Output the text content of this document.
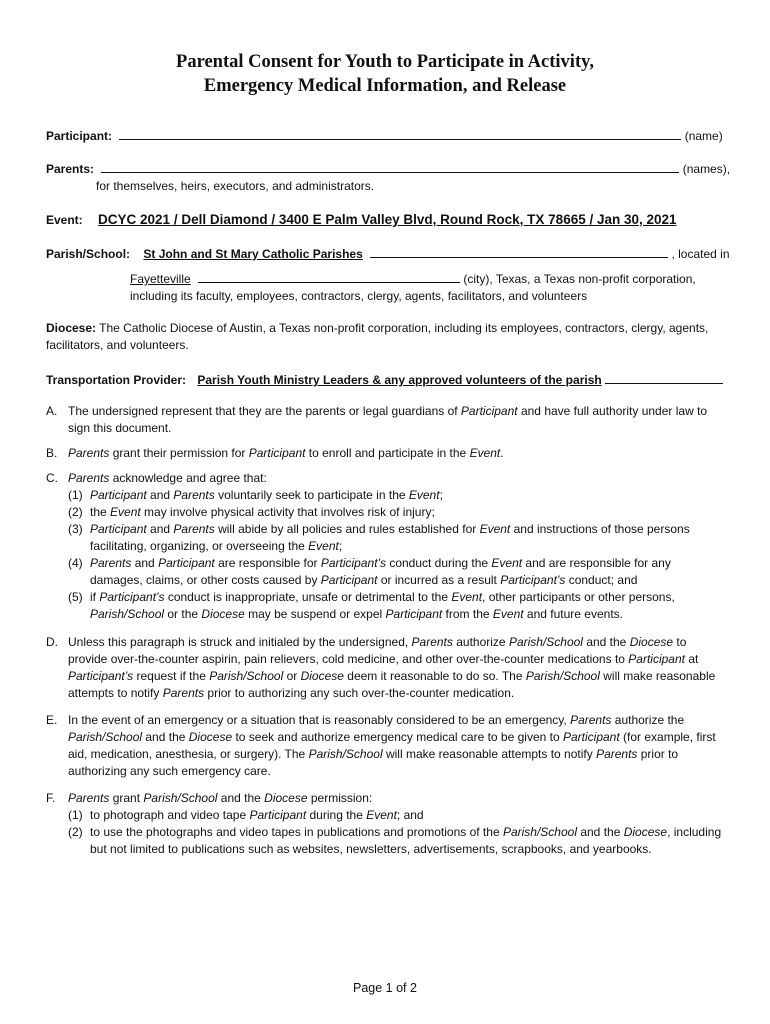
Parental Consent for Youth to Participate in Activity,
Emergency Medical Information, and Release
Participant:	(name)
Parents:	(names),
for themselves, heirs, executors, and administrators.
Event: DCYC 2021 / Dell Diamond / 3400 E Palm Valley Blvd, Round Rock, TX 78665 / Jan 30, 2021
Parish/School: St John and St Mary Catholic Parishes	, located in
Fayetteville	(city), Texas, a Texas non-profit corporation,
including its faculty, employees, contractors, clergy, agents, facilitators, and volunteers
Diocese: The Catholic Diocese of Austin, a Texas non-profit corporation, including its employees, contractors, clergy, agents, facilitators, and volunteers.
Transportation Provider: Parish Youth Ministry Leaders & any approved volunteers of the parish
A. The undersigned represent that they are the parents or legal guardians of Participant and have full authority under law to sign this document.
B. Parents grant their permission for Participant to enroll and participate in the Event.
C. Parents acknowledge and agree that:
(1) Participant and Parents voluntarily seek to participate in the Event;
(2) the Event may involve physical activity that involves risk of injury;
(3) Participant and Parents will abide by all policies and rules established for Event and instructions of those persons facilitating, organizing, or overseeing the Event;
(4) Parents and Participant are responsible for Participant’s conduct during the Event and are responsible for any damages, claims, or other costs caused by Participant or incurred as a result Participant’s conduct; and
(5) if Participant’s conduct is inappropriate, unsafe or detrimental to the Event, other participants or other persons, Parish/School or the Diocese may be suspend or expel Participant from the Event and future events.
D. Unless this paragraph is struck and initialed by the undersigned, Parents authorize Parish/School and the Diocese to provide over-the-counter aspirin, pain relievers, cold medicine, and other over-the-counter medications to Participant at Participant’s request if the Parish/School or Diocese deem it reasonable to do so. The Parish/School will make reasonable attempts to notify Parents prior to authorizing any such over-the-counter medication.
E. In the event of an emergency or a situation that is reasonably considered to be an emergency, Parents authorize the Parish/School and the Diocese to seek and authorize emergency medical care to be given to Participant (for example, first aid, medication, anesthesia, or surgery). The Parish/School will make reasonable attempts to notify Parents prior to authorizing any such emergency care.
F. Parents grant Parish/School and the Diocese permission:
(1) to photograph and video tape Participant during the Event; and
(2) to use the photographs and video tapes in publications and promotions of the Parish/School and the Diocese, including but not limited to publications such as websites, newsletters, advertisements, scrapbooks, and yearbooks.
Page 1 of 2
